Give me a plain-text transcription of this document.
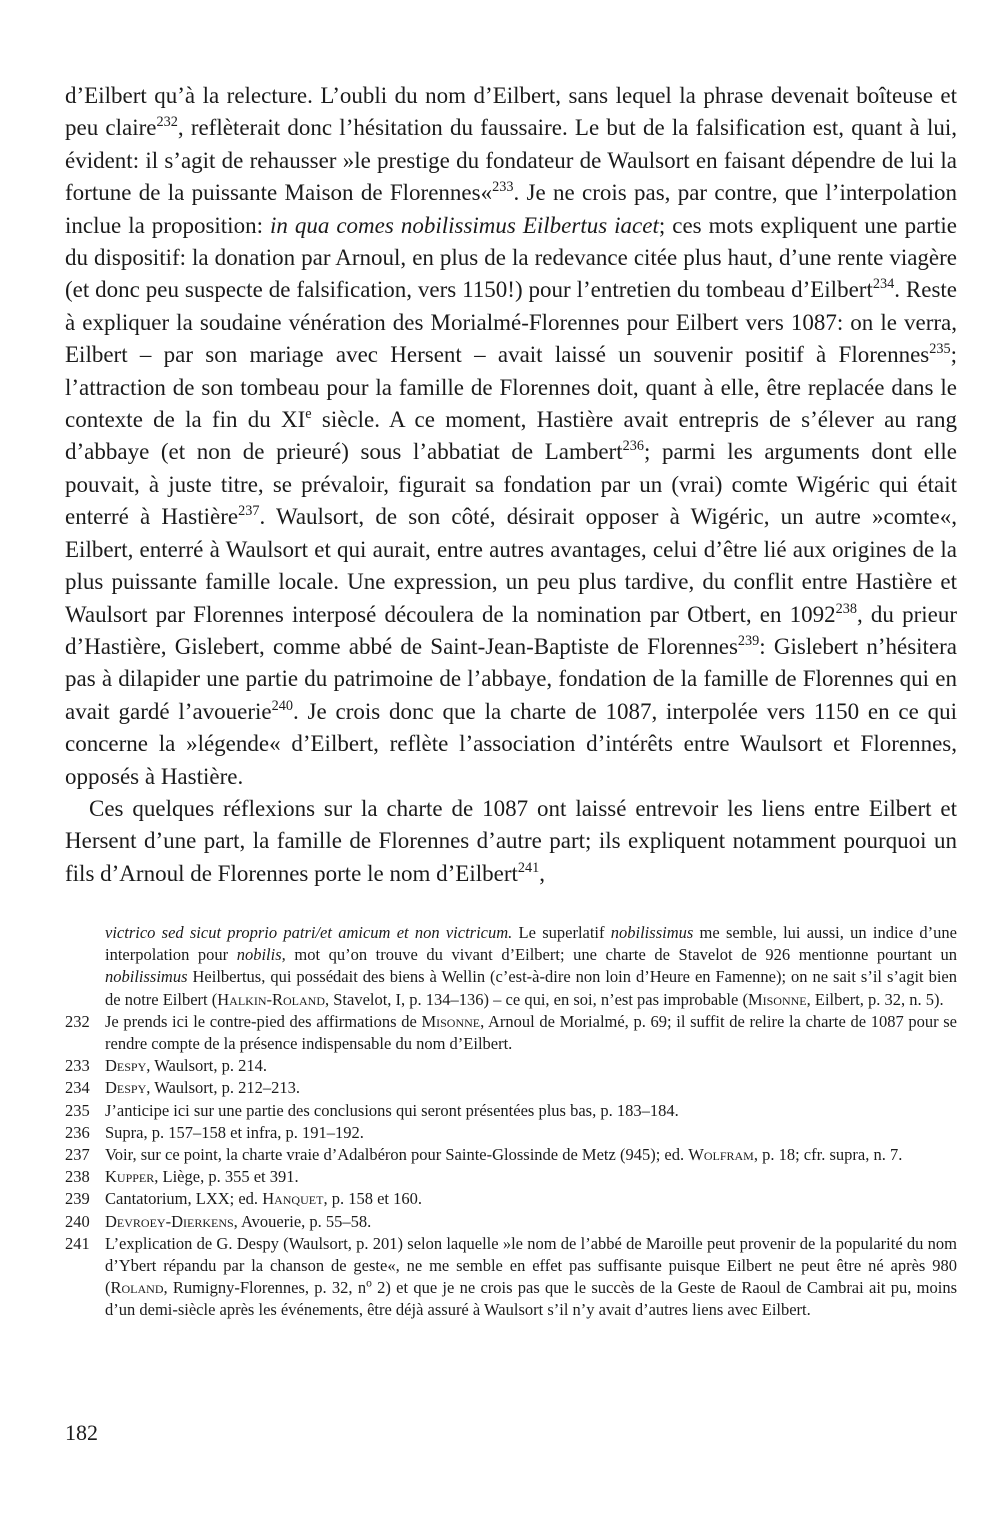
d’Eilbert qu’à la relecture. L’oubli du nom d’Eilbert, sans lequel la phrase devenait boîteuse et peu claire$^{232}$, reflèterait donc l’hésitation du faussaire. Le but de la falsification est, quant à lui, évident: il s’agit de rehausser »le prestige du fondateur de Waulsort en faisant dépendre de lui la fortune de la puissante Maison de Florennes«$^{233}$. Je ne crois pas, par contre, que l’interpolation inclue la proposition: in qua comes nobilissimus Eilbertus iacet; ces mots expliquent une partie du dispositif: la donation par Arnoul, en plus de la redevance citée plus haut, d’une rente viagère (et donc peu suspecte de falsification, vers 1150!) pour l’entretien du tombeau d’Eilbert$^{234}$. Reste à expliquer la soudaine vénération des Morialmé-Florennes pour Eilbert vers 1087: on le verra, Eilbert – par son mariage avec Hersent – avait laissé un souvenir positif à Florennes$^{235}$; l’attraction de son tombeau pour la famille de Florennes doit, quant à elle, être replacée dans le contexte de la fin du XIe siècle. A ce moment, Hastière avait entrepris de s’élever au rang d’abbaye (et non de prieuré) sous l’abbatiat de Lambert$^{236}$; parmi les arguments dont elle pouvait, à juste titre, se prévaloir, figurait sa fondation par un (vrai) comte Wigéric qui était enterré à Hastière$^{237}$. Waulsort, de son côté, désirait opposer à Wigéric, un autre »comte«, Eilbert, enterré à Waulsort et qui aurait, entre autres avantages, celui d’être lié aux origines de la plus puissante famille locale. Une expression, un peu plus tardive, du conflit entre Hastière et Waulsort par Florennes interposé découlera de la nomination par Otbert, en 1092$^{238}$, du prieur d’Hastière, Gislebert, comme abbé de Saint-Jean-Baptiste de Florennes$^{239}$: Gislebert n’hésitera pas à dilapider une partie du patrimoine de l’abbaye, fondation de la famille de Florennes qui en avait gardé l’avouerie$^{240}$. Je crois donc que la charte de 1087, interpolée vers 1150 en ce qui concerne la »légende« d’Eilbert, reflète l’association d’intérêts entre Waulsort et Florennes, opposés à Hastière.

Ces quelques réflexions sur la charte de 1087 ont laissé entrevoir les liens entre Eilbert et Hersent d’une part, la famille de Florennes d’autre part; ils expliquent notamment pourquoi un fils d’Arnoul de Florennes porte le nom d’Eilbert$^{241}$,

victrico sed sicut proprio patri/et amicum et non victricum. Le superlatif nobilissimus me semble, lui aussi, un indice d’une interpolation pour nobilis, mot qu’on trouve du vivant d’Eilbert; une charte de Stavelot de 926 mentionne pourtant un nobilissimus Heilbertus, qui possédait des biens à Wellin (c’est-à-dire non loin d’Heure en Famenne); on ne sait s’il s’agit bien de notre Eilbert (Halkin-Roland, Stavelot, I, p. 134–136) – ce qui, en soi, n’est pas improbable (Misonne, Eilbert, p. 32, n. 5).

232 Je prends ici le contre-pied des affirmations de Misonne, Arnoul de Morialmé, p. 69; il suffit de relire la charte de 1087 pour se rendre compte de la présence indispensable du nom d’Eilbert.
233 Despy, Waulsort, p. 214.
234 Despy, Waulsort, p. 212–213.
235 J’anticipe ici sur une partie des conclusions qui seront présentées plus bas, p. 183–184.
236 Supra, p. 157–158 et infra, p. 191–192.
237 Voir, sur ce point, la charte vraie d’Adalbéron pour Sainte-Glossinde de Metz (945); ed. Wolfram, p. 18; cfr. supra, n. 7.
238 Kupper, Liège, p. 355 et 391.
239 Cantatorium, LXX; ed. Hanquet, p. 158 et 160.
240 Devroey-Dierkens, Avouerie, p. 55–58.
241 L’explication de G. Despy (Waulsort, p. 201) selon laquelle »le nom de l’abbé de Maroille peut provenir de la popularité du nom d’Ybert répandu par la chanson de geste«, ne me semble en effet pas suffisante puisque Eilbert ne peut être né après 980 (Roland, Rumigny-Florennes, p. 32, n$^o$ 2) et que je ne crois pas que le succès de la Geste de Raoul de Cambrai ait pu, moins d’un demi-siècle après les événements, être déjà assuré à Waulsort s’il n’y avait d’autres liens avec Eilbert.
182
